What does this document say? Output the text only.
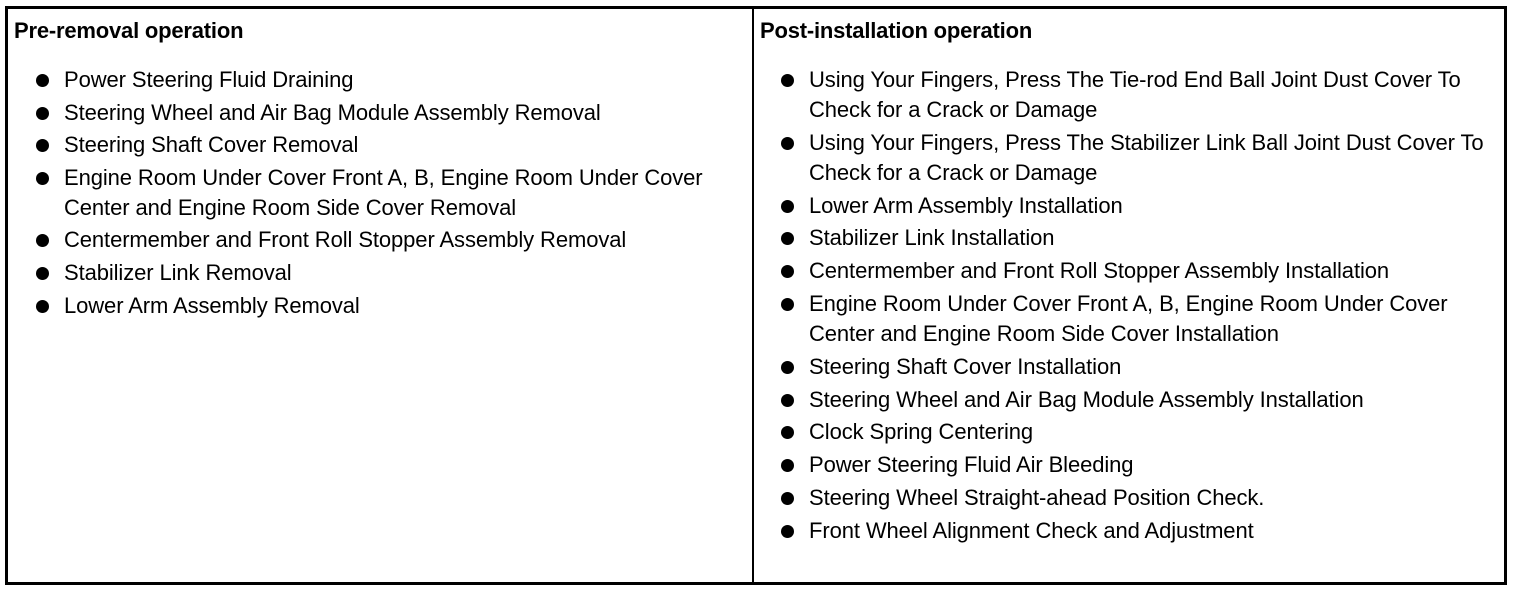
Pre-removal operation

Power Steering Fluid Draining
Steering Wheel and Air Bag Module Assembly Removal
Steering Shaft Cover Removal
Engine Room Under Cover Front A, B, Engine Room Under Cover Center and Engine Room Side Cover Removal
Centermember and Front Roll Stopper Assembly Removal
Stabilizer Link Removal
Lower Arm Assembly Removal

Post-installation operation

Using Your Fingers, Press The Tie-rod End Ball Joint Dust Cover To Check for a Crack or Damage
Using Your Fingers, Press The Stabilizer Link Ball Joint Dust Cover To Check for a Crack or Damage
Lower Arm Assembly Installation
Stabilizer Link Installation
Centermember and Front Roll Stopper Assembly Installation
Engine Room Under Cover Front A, B, Engine Room Under Cover Center and Engine Room Side Cover Installation
Steering Shaft Cover Installation
Steering Wheel and Air Bag Module Assembly Installation
Clock Spring Centering
Power Steering Fluid Air Bleeding
Steering Wheel Straight-ahead Position Check.
Front Wheel Alignment Check and Adjustment
